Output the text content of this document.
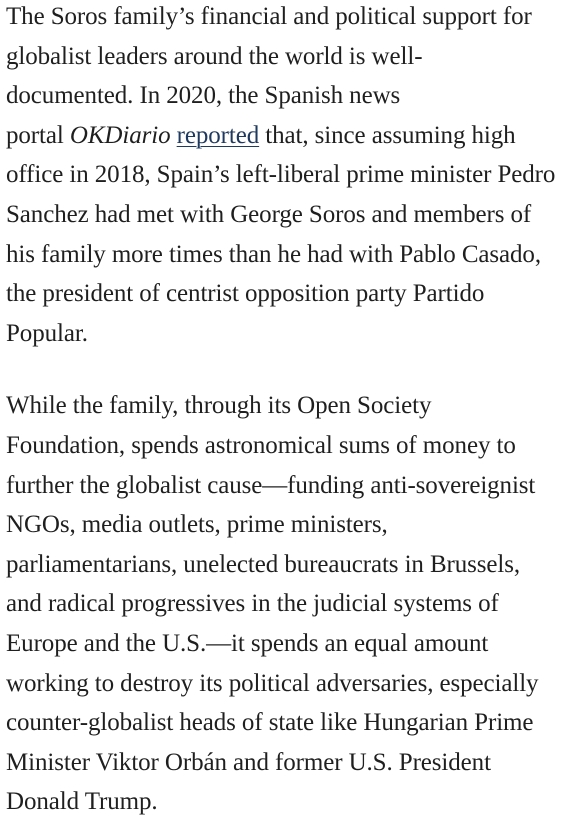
The Soros family’s financial and political support for
globalist leaders around the world is well-
documented. In 2020, the Spanish news
portal OKDiario reported that, since assuming high
office in 2018, Spain’s left-liberal prime minister Pedro
Sanchez had met with George Soros and members of
his family more times than he had with Pablo Casado,
the president of centrist opposition party Partido
Popular.

While the family, through its Open Society
Foundation, spends astronomical sums of money to
further the globalist cause—funding anti-sovereignist
NGOs, media outlets, prime ministers,
parliamentarians, unelected bureaucrats in Brussels,
and radical progressives in the judicial systems of
Europe and the U.S.—it spends an equal amount
working to destroy its political adversaries, especially
counter-globalist heads of state like Hungarian Prime
Minister Viktor Orbán and former U.S. President
Donald Trump.
